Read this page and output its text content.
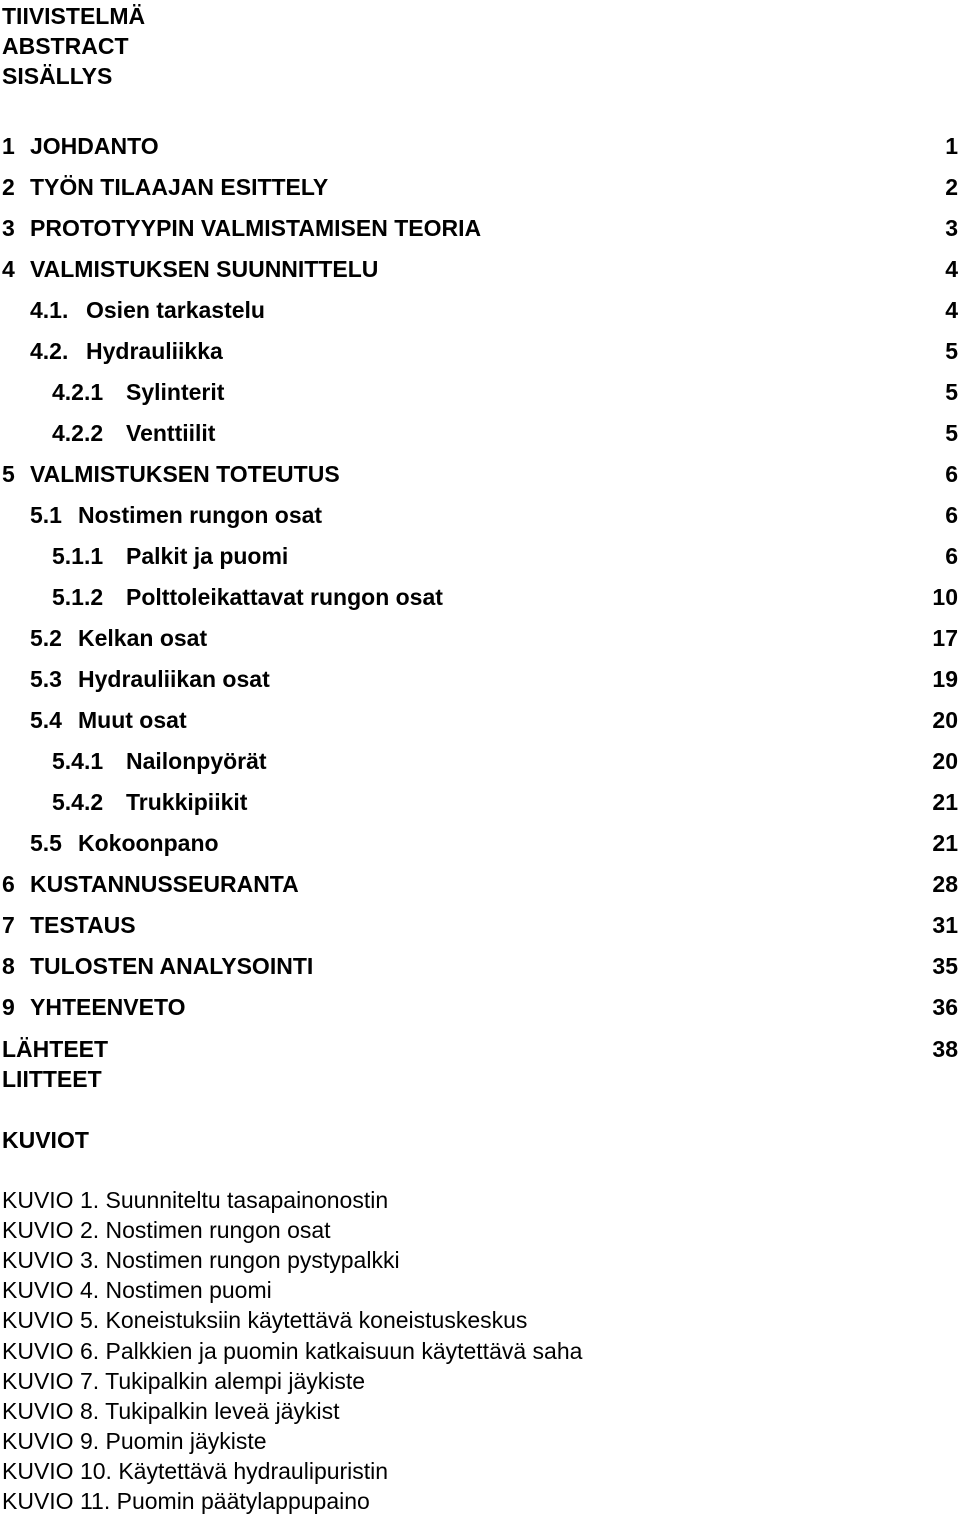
TIIVISTELMÄ
ABSTRACT
SISÄLLYS
1 JOHDANTO	1
2 TYÖN TILAAJAN ESITTELY	2
3 PROTOTYYPIN VALMISTAMISEN TEORIA	3
4 VALMISTUKSEN SUUNNITTELU	4
4.1. Osien tarkastelu	4
4.2. Hydrauliikka	5
4.2.1 Sylinterit	5
4.2.2 Venttiilit	5
5 VALMISTUKSEN TOTEUTUS	6
5.1 Nostimen rungon osat	6
5.1.1 Palkit ja puomi	6
5.1.2 Polttoleikattavat rungon osat	10
5.2 Kelkan osat	17
5.3 Hydrauliikan osat	19
5.4 Muut osat	20
5.4.1 Nailonpyörät	20
5.4.2 Trukkipiikit	21
5.5 Kokoonpano	21
6 KUSTANNUSSEURANTA	28
7 TESTAUS	31
8 TULOSTEN ANALYSOINTI	35
9 YHTEENVETO	36
LÄHTEET	38
LIITTEET
KUVIOT
KUVIO 1. Suunniteltu tasapainonostin
KUVIO 2. Nostimen rungon osat
KUVIO 3. Nostimen rungon pystypalkki
KUVIO 4. Nostimen puomi
KUVIO 5. Koneistuksiin käytettävä koneistuskeskus
KUVIO 6. Palkkien ja puomin katkaisuun käytettävä saha
KUVIO 7. Tukipalkin alempi jäykiste
KUVIO 8. Tukipalkin leveä jäykist
KUVIO 9. Puomin jäykiste
KUVIO 10. Käytettävä hydraulipuristin
KUVIO 11. Puomin päätylappupaino
